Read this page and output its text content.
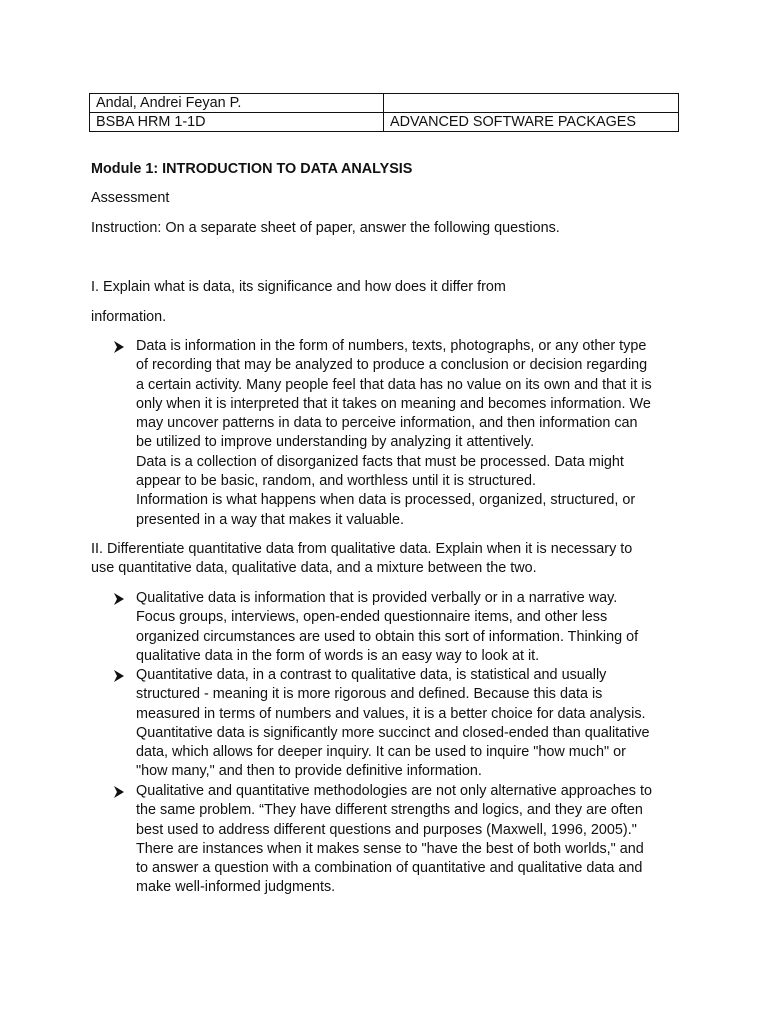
Andal, Andrei Feyan P.	
BSBA HRM 1-1D	ADVANCED SOFTWARE PACKAGES
Module 1: INTRODUCTION TO DATA ANALYSIS
Assessment
Instruction: On a separate sheet of paper, answer the following questions.
I. Explain what is data, its significance and how does it differ from
information.
Data is information in the form of numbers, texts, photographs, or any other type
of recording that may be analyzed to produce a conclusion or decision regarding
a certain activity. Many people feel that data has no value on its own and that it is
only when it is interpreted that it takes on meaning and becomes information. We
may uncover patterns in data to perceive information, and then information can
be utilized to improve understanding by analyzing it attentively.
Data is a collection of disorganized facts that must be processed. Data might
appear to be basic, random, and worthless until it is structured.
Information is what happens when data is processed, organized, structured, or
presented in a way that makes it valuable.
II. Differentiate quantitative data from qualitative data. Explain when it is necessary to
use quantitative data, qualitative data, and a mixture between the two.
Qualitative data is information that is provided verbally or in a narrative way.
Focus groups, interviews, open-ended questionnaire items, and other less
organized circumstances are used to obtain this sort of information. Thinking of
qualitative data in the form of words is an easy way to look at it.
Quantitative data, in a contrast to qualitative data, is statistical and usually
structured - meaning it is more rigorous and defined. Because this data is
measured in terms of numbers and values, it is a better choice for data analysis.
Quantitative data is significantly more succinct and closed-ended than qualitative
data, which allows for deeper inquiry. It can be used to inquire "how much" or
"how many," and then to provide definitive information.
Qualitative and quantitative methodologies are not only alternative approaches to
the same problem. “They have different strengths and logics, and they are often
best used to address different questions and purposes (Maxwell, 1996, 2005)."
There are instances when it makes sense to "have the best of both worlds," and
to answer a question with a combination of quantitative and qualitative data and
make well-informed judgments.
